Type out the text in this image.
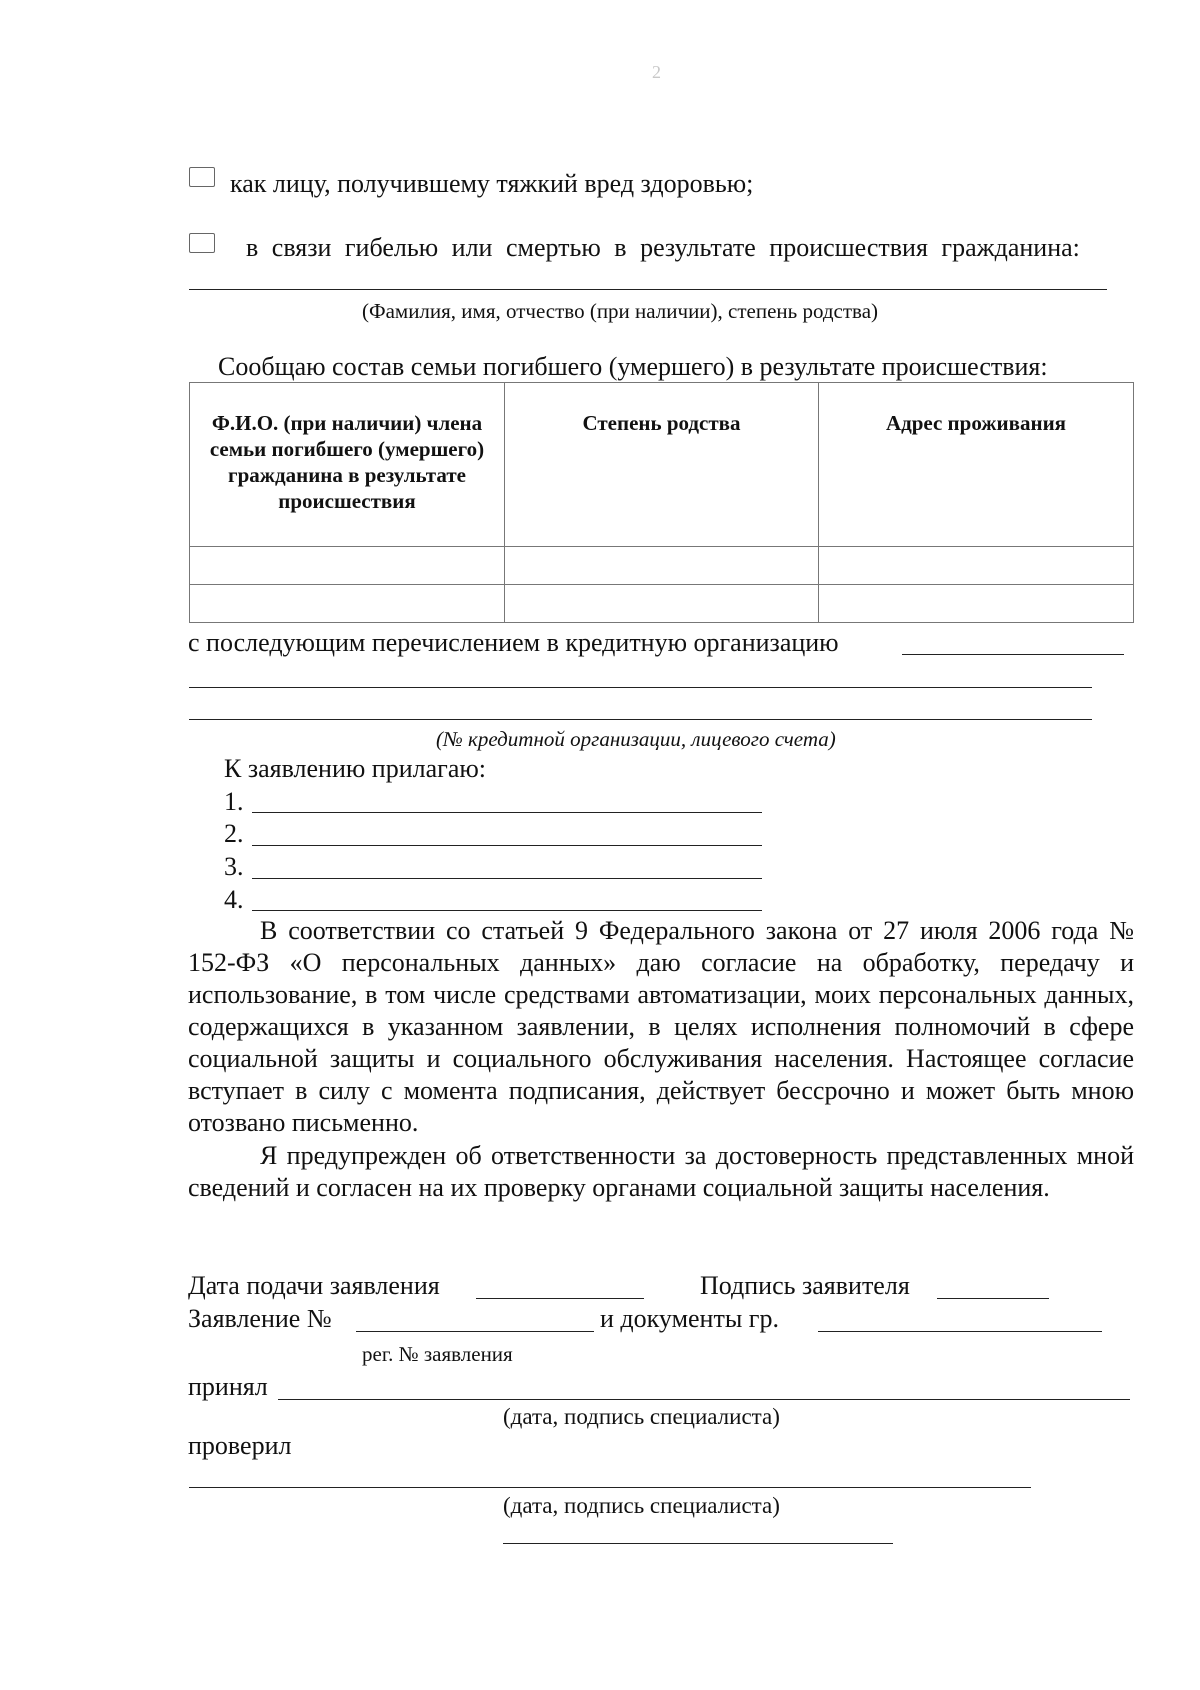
2
как лицу, получившему тяжкий вред здоровью;
в связи гибелью или смертью в результате происшествия гражданина:
(Фамилия, имя, отчество (при наличии), степень родства)
Сообщаю состав семьи погибшего (умершего) в результате происшествия:
Ф.И.О. (при наличии) члена семьи погибшего (умершего) гражданина в результате происшествия	Степень родства	Адрес проживания

с последующим перечислением в кредитную организацию
(№ кредитной организации, лицевого счета)
К заявлению прилагаю:
1.
2.
3.
4.
В соответствии со статьей 9 Федерального закона от 27 июля 2006 года № 152-ФЗ «О персональных данных» даю согласие на обработку, передачу и использование, в том числе средствами автоматизации, моих персональных данных, содержащихся в указанном заявлении, в целях исполнения полномочий в сфере социальной защиты и социального обслуживания населения. Настоящее согласие вступает в силу с момента подписания, действует бессрочно и может быть мною отозвано письменно.
Я предупрежден об ответственности за достоверность представленных мной сведений и согласен на их проверку органами социальной защиты населения.
Дата подачи заявления	Подпись заявителя
Заявление №	и документы гр.
рег. № заявления
принял
(дата, подпись специалиста)
проверил
(дата, подпись специалиста)
